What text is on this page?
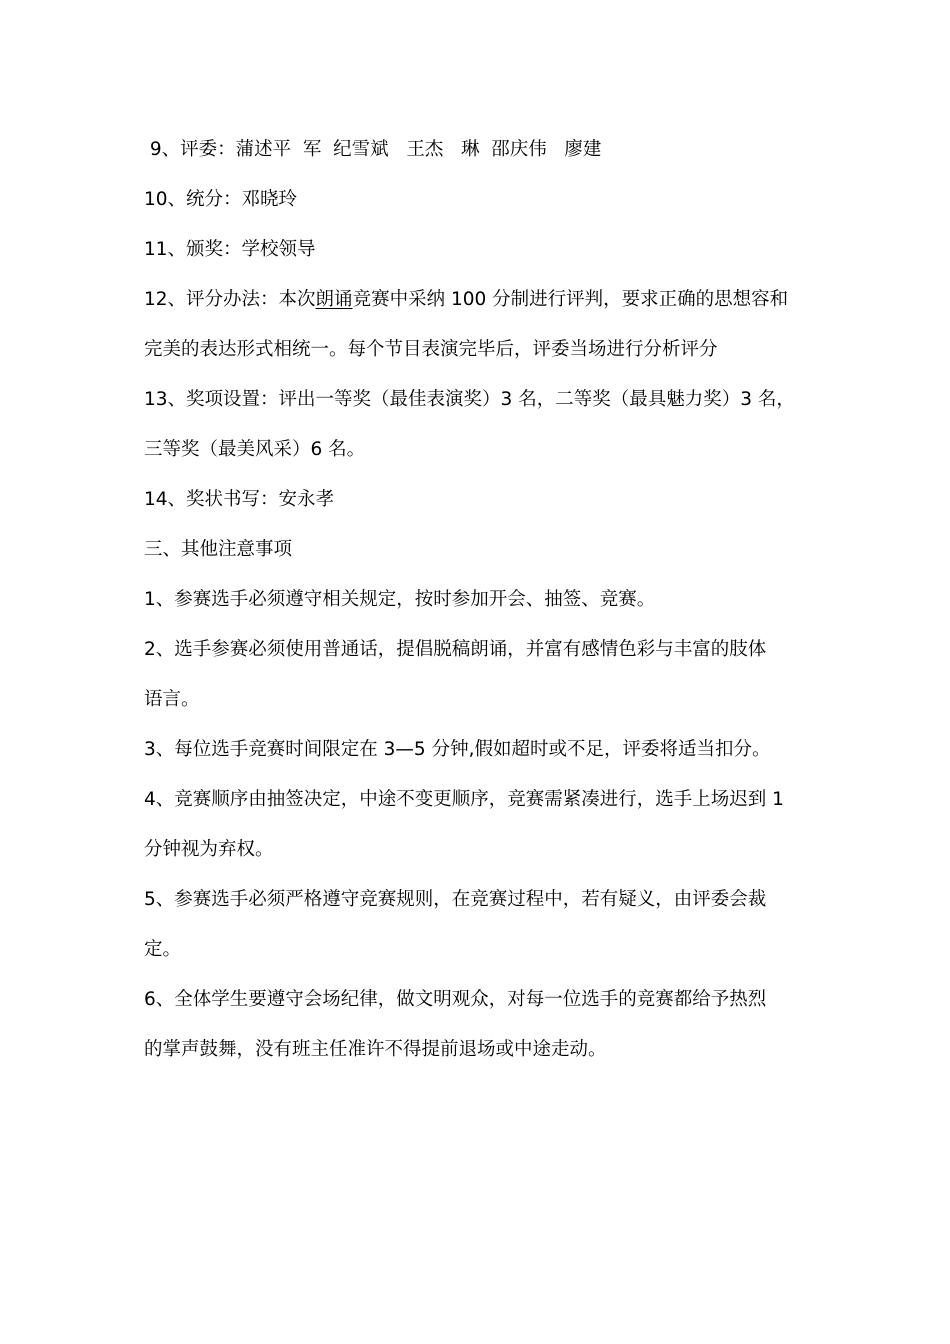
9、评委：蒲述平  军  纪雪斌   王杰   琳  邵庆伟   廖建
10、统分：邓晓玲
11、颁奖：学校领导
12、评分办法：本次朗诵竞赛中采纳 100 分制进行评判，要求正确的思想容和
完美的表达形式相统一。每个节目表演完毕后，评委当场进行分析评分
13、奖项设置：评出一等奖（最佳表演奖）3 名，二等奖（最具魅力奖）3 名，
三等奖（最美风采）6 名。
14、奖状书写：安永孝
三、其他注意事项
1、参赛选手必须遵守相关规定，按时参加开会、抽签、竞赛。
2、选手参赛必须使用普通话，提倡脱稿朗诵，并富有感情色彩与丰富的肢体
语言。
3、每位选手竞赛时间限定在 3—5 分钟,假如超时或不足，评委将适当扣分。
4、竞赛顺序由抽签决定，中途不变更顺序，竞赛需紧凑进行，选手上场迟到 1
分钟视为弃权。
5、参赛选手必须严格遵守竞赛规则，在竞赛过程中，若有疑义，由评委会裁
定。
6、全体学生要遵守会场纪律，做文明观众，对每一位选手的竞赛都给予热烈
的掌声鼓舞，没有班主任准许不得提前退场或中途走动。
